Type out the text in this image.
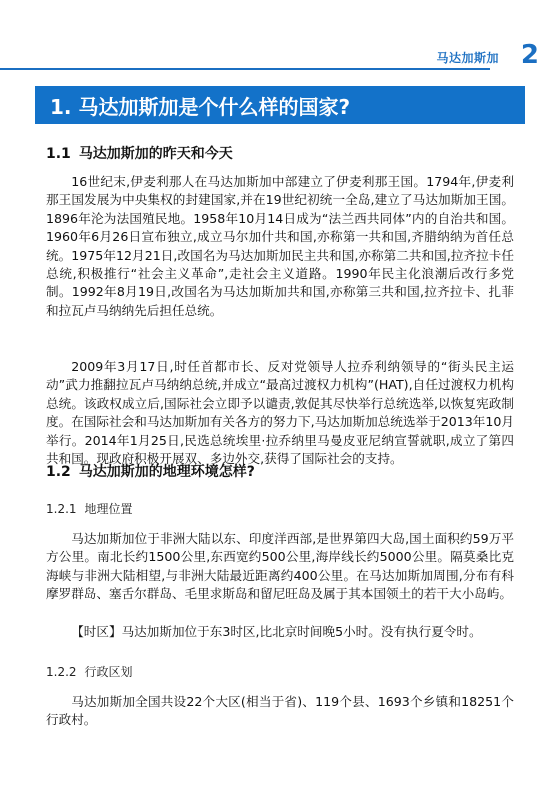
马达加斯加 2
1. 马达加斯加是个什么样的国家?
1.1 马达加斯加的昨天和今天

16世纪末,伊麦利那人在马达加斯加中部建立了伊麦利那王国。1794年,伊麦利那王国发展为中央集权的封建国家,并在19世纪初统一全岛,建立了马达加斯加王国。1896年沦为法国殖民地。1958年10月14日成为“法兰西共同体”内的自治共和国。1960年6月26日宣布独立,成立马尔加什共和国,亦称第一共和国,齐腊纳纳为首任总统。1975年12月21日,改国名为马达加斯加民主共和国,亦称第二共和国,拉齐拉卡任总统,积极推行“社会主义革命”,走社会主义道路。1990年民主化浪潮后改行多党制。1992年8月19日,改国名为马达加斯加共和国,亦称第三共和国,拉齐拉卡、扎菲和拉瓦卢马纳纳先后担任总统。

2009年3月17日,时任首都市长、反对党领导人拉乔利纳领导的“街头民主运动”武力推翻拉瓦卢马纳纳总统,并成立“最高过渡权力机构”(HAT),自任过渡权力机构总统。该政权成立后,国际社会立即予以谴责,敦促其尽快举行总统选举,以恢复宪政制度。在国际社会和马达加斯加有关各方的努力下,马达加斯加总统选举于2013年10月举行。2014年1月25日,民选总统埃里·拉乔纳里马曼皮亚尼纳宣誓就职,成立了第四共和国。现政府积极开展双、多边外交,获得了国际社会的支持。

1.2 马达加斯加的地理环境怎样?
1.2.1 地理位置

马达加斯加位于非洲大陆以东、印度洋西部,是世界第四大岛,国土面积约59万平方公里。南北长约1500公里,东西宽约500公里,海岸线长约5000公里。隔莫桑比克海峡与非洲大陆相望,与非洲大陆最近距离约400公里。在马达加斯加周围,分布有科摩罗群岛、塞舌尔群岛、毛里求斯岛和留尼旺岛及属于其本国领土的若干大小岛屿。

【时区】马达加斯加位于东3时区,比北京时间晚5小时。没有执行夏令时。

1.2.2 行政区划

马达加斯加全国共设22个大区(相当于省)、119个县、1693个乡镇和18251个行政村。
